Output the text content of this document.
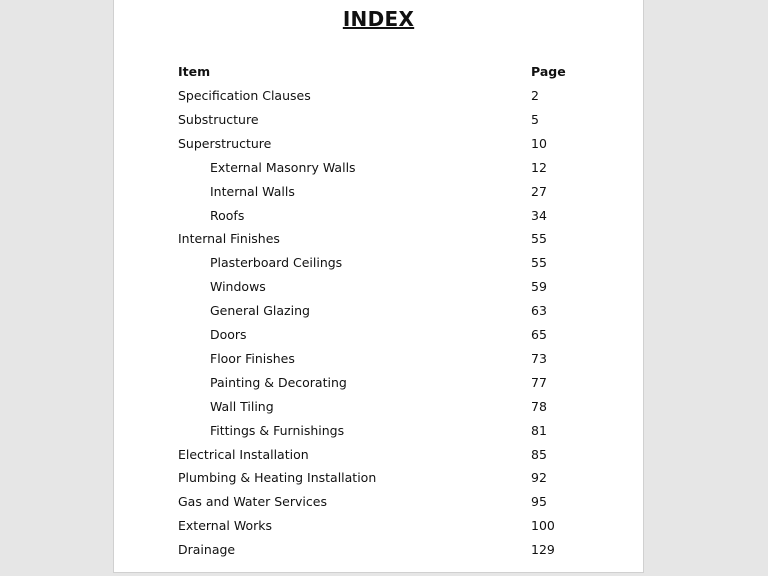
INDEX
Item	Page
Specification Clauses	2
Substructure	5
Superstructure	10
External Masonry Walls	12
Internal Walls	27
Roofs	34
Internal Finishes	55
Plasterboard Ceilings	55
Windows	59
General Glazing	63
Doors	65
Floor Finishes	73
Painting & Decorating	77
Wall Tiling	78
Fittings & Furnishings	81
Electrical Installation	85
Plumbing & Heating Installation	92
Gas and Water Services	95
External Works	100
Drainage	129
